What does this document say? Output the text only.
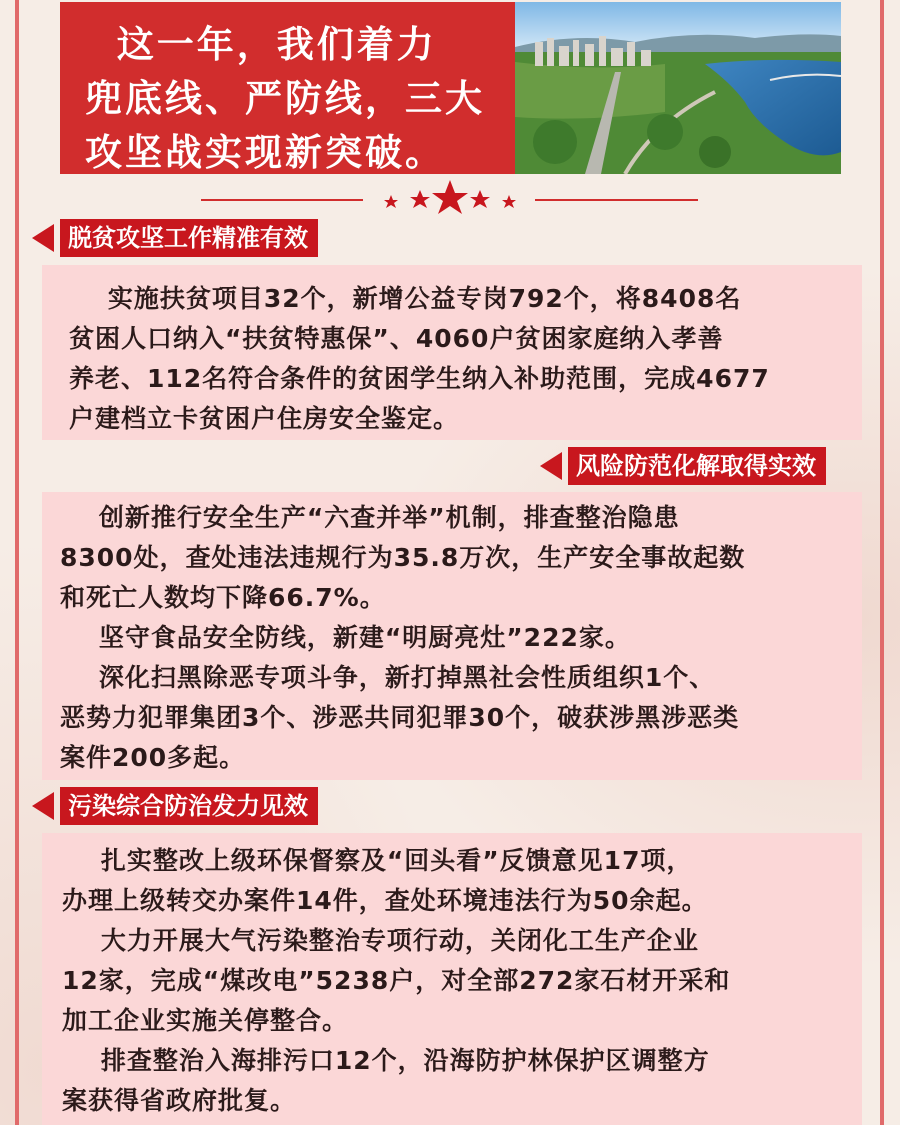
这一年，我们着力

兜底线、严防线，三大

攻坚战实现新突破。

脱贫攻坚工作精准有效

实施扶贫项目32个，新增公益专岗792个，将8408名

贫困人口纳入“扶贫特惠保”、4060户贫困家庭纳入孝善

养老、112名符合条件的贫困学生纳入补助范围，完成4677

户建档立卡贫困户住房安全鉴定。

风险防范化解取得实效

创新推行安全生产“六查并举”机制，排查整治隐患

8300处，查处违法违规行为35.8万次，生产安全事故起数

和死亡人数均下降66.7%。

坚守食品安全防线，新建“明厨亮灶”222家。

深化扫黑除恶专项斗争，新打掉黑社会性质组织1个、

恶势力犯罪集团3个、涉恶共同犯罪30个，破获涉黑涉恶类

案件200多起。

污染综合防治发力见效

扎实整改上级环保督察及“回头看”反馈意见17项，

办理上级转交办案件14件，查处环境违法行为50余起。

大力开展大气污染整治专项行动，关闭化工生产企业

12家，完成“煤改电”5238户，对全部272家石材开采和

加工企业实施关停整合。

排查整治入海排污口12个，沿海防护林保护区调整方

案获得省政府批复。
